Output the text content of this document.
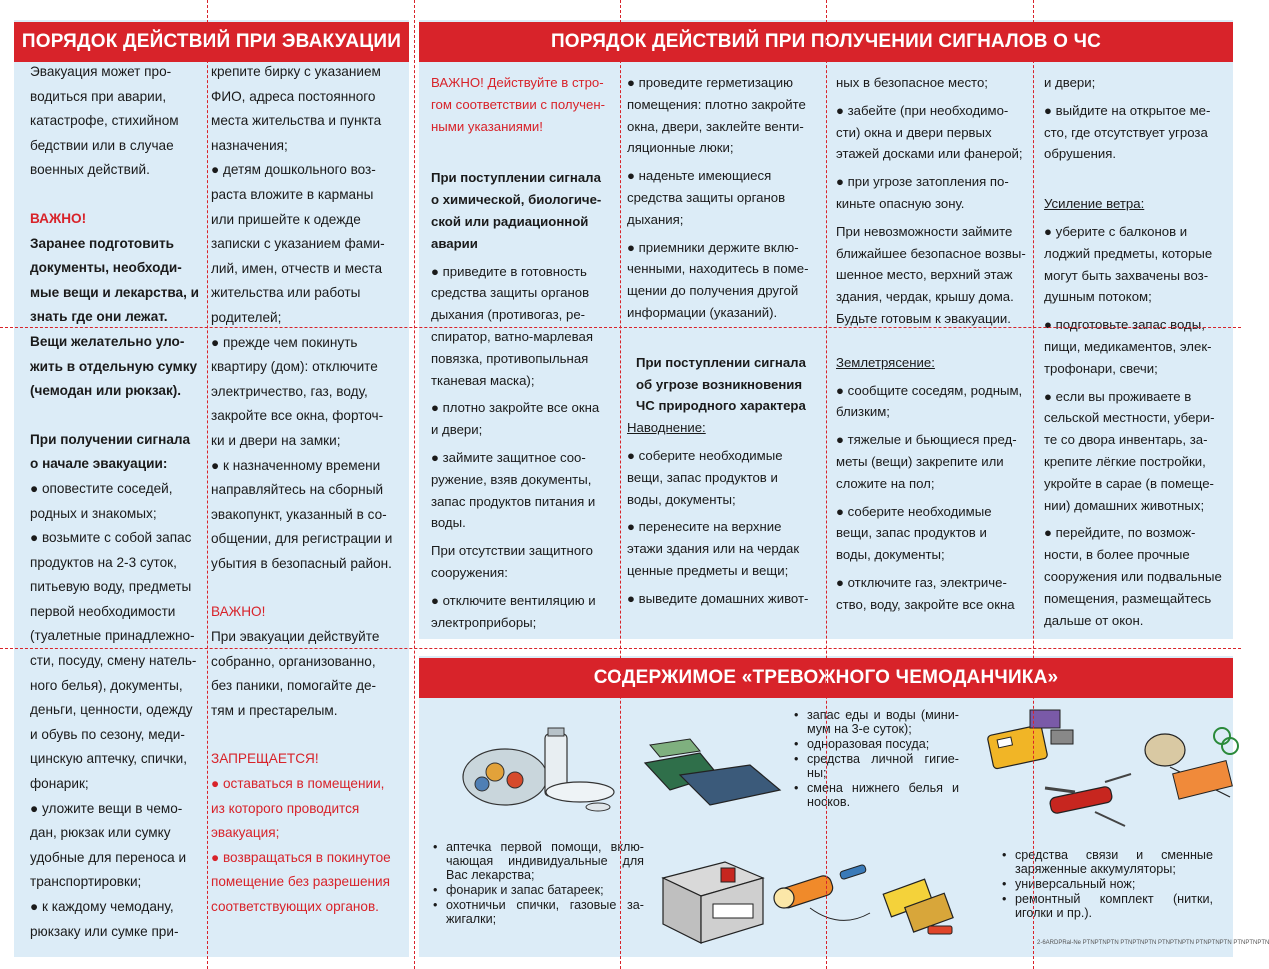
ПОРЯДОК ДЕЙСТВИЙ ПРИ ЭВАКУАЦИИ	ПОРЯДОК ДЕЙСТВИЙ ПРИ ПОЛУЧЕНИИ СИГНАЛОВ О ЧС
СОДЕРЖИМОЕ «ТРЕВОЖНОГО ЧЕМОДАНЧИКА»

Эвакуация может про-

водиться при аварии,

катастрофе, стихийном

бедствии или в случае

военных действий.

ВАЖНО!

Заранее подготовить

документы, необходи-

мые вещи и лекарства, и

знать где они лежат.

Вещи желательно уло-

жить в отдельную сумку

(чемодан или рюкзак).

При получении сигнала

о начале эвакуации:

● оповестите соседей,

родных и знакомых;

● возьмите с собой запас

продуктов на 2-3 суток,

питьевую воду, предметы

первой необходимости

(туалетные принадлежно-

сти, посуду, смену натель-

ного белья), документы,

деньги, ценности, одежду

и обувь по сезону, меди-

цинскую аптечку, спички,

фонарик;

● уложите вещи в чемо-

дан, рюкзак или сумку

удобные для переноса и

транспортировки;

● к каждому чемодану,

рюкзаку или сумке при-

крепите бирку с указанием

ФИО, адреса постоянного

места жительства и пункта

назначения;

● детям дошкольного воз-

раста вложите в карманы

или пришейте к одежде

записки с указанием фами-

лий, имен, отчеств и места

жительства или работы

родителей;

● прежде чем покинуть

квартиру (дом): отключите

электричество, газ, воду,

закройте все окна, форточ-

ки и двери на замки;

● к назначенному времени

направляйтесь на сборный

эвакопункт, указанный в со-

общении, для регистрации и

убытия в безопасный район.

ВАЖНО!

При эвакуации действуйте

собранно, организованно,

без паники, помогайте де-

тям и престарелым.

ЗАПРЕЩАЕТСЯ!

● оставаться в помещении,

из которого проводится

эвакуация;

● возвращаться в покинутое

помещение без разрешения

соответствующих органов.

ВАЖНО! Действуйте в стро-

гом соответствии с получен-

ными указаниями!

При поступлении сигнала

о химической, биологиче-

ской или радиационной

аварии

● приведите в готовность

средства защиты органов

дыхания (противогаз, ре-

спиратор, ватно-марлевая

повязка, противопыльная

тканевая маска);

● плотно закройте все окна

и двери;

● займите защитное соо-

ружение, взяв документы,

запас продуктов питания и

воды.

При отсутствии защитного

сооружения:

● отключите вентиляцию и

электроприборы;

● проведите герметизацию

помещения: плотно закройте

окна, двери, заклейте венти-

ляционные люки;

● наденьте имеющиеся

средства защиты органов

дыхания;

● приемники держите вклю-

ченными, находитесь в поме-

щении до получения другой

информации (указаний).

При поступлении сигнала

об угрозе возникновения

ЧС природного характера

Наводнение:

● соберите необходимые

вещи, запас продуктов и

воды, документы;

● перенесите на верхние

этажи здания или на чердак

ценные предметы и вещи;

● выведите домашних живот-

ных в безопасное место;

● забейте (при необходимо-

сти) окна и двери первых

этажей досками или фанерой;

● при угрозе затопления по-

киньте опасную зону.

При невозможности займите

ближайшее безопасное возвы-

шенное место, верхний этаж

здания, чердак, крышу дома.

Будьте готовым к эвакуации.

Землетрясение:

● сообщите соседям, родным,

близким;

● тяжелые и бьющиеся пред-

меты (вещи) закрепите или

сложите на пол;

● соберите необходимые

вещи, запас продуктов и

воды, документы;

● отключите газ, электриче-

ство, воду, закройте все окна

и двери;

● выйдите на открытое ме-

сто, где отсутствует угроза

обрушения.

Усиление ветра:

● уберите с балконов и

лоджий предметы, которые

могут быть захвачены воз-

душным потоком;

● подготовьте запас воды,

пищи, медикаментов, элек-

трофонари, свечи;

● если вы проживаете в

сельской местности, убери-

те со двора инвентарь, за-

крепите лёгкие постройки,

укройте в сарае (в помеще-

нии) домашних животных;

● перейдите, по возмож-

ности, в более прочные

сооружения или подвальные

помещения, размещайтесь

дальше от окон.

• запас еды и воды (мини-мум на 3-е суток);
• одноразовая посуда;
• средства личной гигие-ны;
• смена нижнего белья и носков.
• аптечка первой помощи, вклю-чающая индивидуальные для Вас лекарства;
• фонарик и запас батареек;
• охотничьи спички, газовые за-жигалки;
• средства связи и сменные заряженные аккумуляторы;
• универсальный нож;
• ремонтный комплект (нитки, иголки и пр.).
2-6ARDPRal-Ne PTNPTNPTN PTNPTNPTN PTNPTNPTN PTNPTNPTN PTNPTNPTN
